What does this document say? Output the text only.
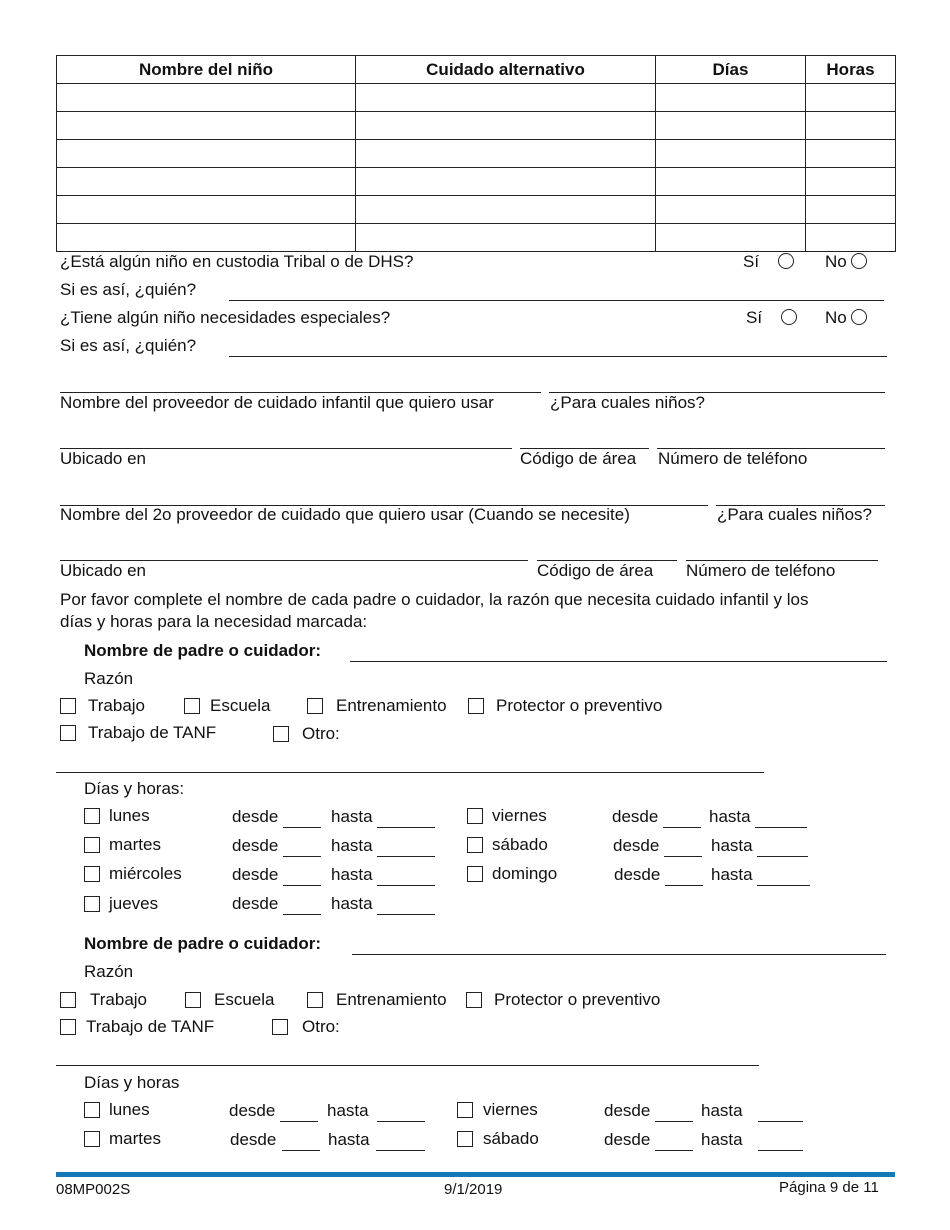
Nombre del niño	Cuidado alternativo	Días	Horas

¿Está algún niño en custodia Tribal o de DHS?	Sí	No
Si es así, ¿quién?
¿Tiene algún niño necesidades especiales?	Sí	No
Si es así, ¿quién?
Nombre del proveedor de cuidado infantil que quiero usar	¿Para cuales niños?
Ubicado en	Código de área Número de teléfono
Nombre del 2o proveedor de cuidado que quiero usar (Cuando se necesite)	¿Para cuales niños?
Ubicado en	Código de área Número de teléfono
Por favor complete el nombre de cada padre o cuidador, la razón que necesita cuidado infantil y los
días y horas para la necesidad marcada:
Nombre de padre o cuidador:
Razón
Trabajo	Escuela	Entrenamiento	Protector o preventivo
Trabajo de TANF	Otro:
Días y horas:
lunes	desde	hasta
martes	desde	hasta
miércoles	desde	hasta
jueves	desde	hasta
viernes	desde	hasta
sábado	desde	hasta
domingo	desde	hasta
Nombre de padre o cuidador:
Razón
Trabajo	Escuela	Entrenamiento	Protector o preventivo
Trabajo de TANF	Otro:
Días y horas
lunes	desde	hasta
martes	desde	hasta
viernes	desde	hasta
sábado	desde	hasta
08MP002S	9/1/2019	Página 9 de 11
